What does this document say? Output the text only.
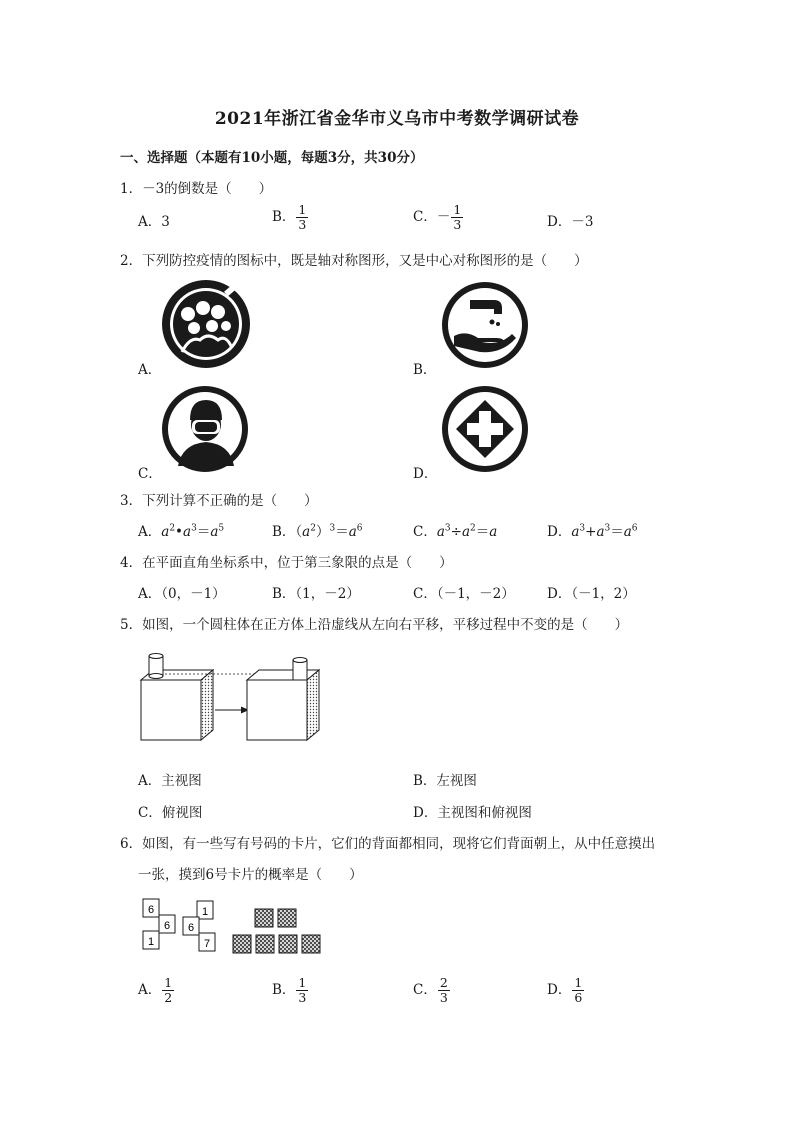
2021年浙江省金华市义乌市中考数学调研试卷
一、选择题（本题有10小题，每题3分，共30分）
1．－3的倒数是（　　）
A．3	B． $\frac{1}{3}$	C．－ $\frac{1}{3}$	D．－3
2．下列防控疫情的图标中，既是轴对称图形，又是中心对称图形的是（　　）
A．	B．
C．	D．
3．下列计算不正确的是（　　）
A．$a^2•a^3=a^5$	B．$(a^2)^3=a^6$	C．$a^3\div a^2=a$	D．$a^3+a^3=a^6$
4．在平面直角坐标系中，位于第三象限的点是（　　）
A．（0，－1）	B．（1，－2）	C．（－1，－2） D．（－1，2）
5．如图，一个圆柱体在正方体上沿虚线从左向右平移，平移过程中不变的是（　　）
A．主视图	B．左视图
C．俯视图	D．主视图和俯视图
6．如图，有一些写有号码的卡片，它们的背面都相同，现将它们背面朝上，从中任意摸出
一张，摸到6号卡片的概率是（　　）
6
6
1
1
6
7
A． $\frac{1}{2}$	B． $\frac{1}{3}$	C． $\frac{2}{3}$	D． $\frac{1}{6}$
